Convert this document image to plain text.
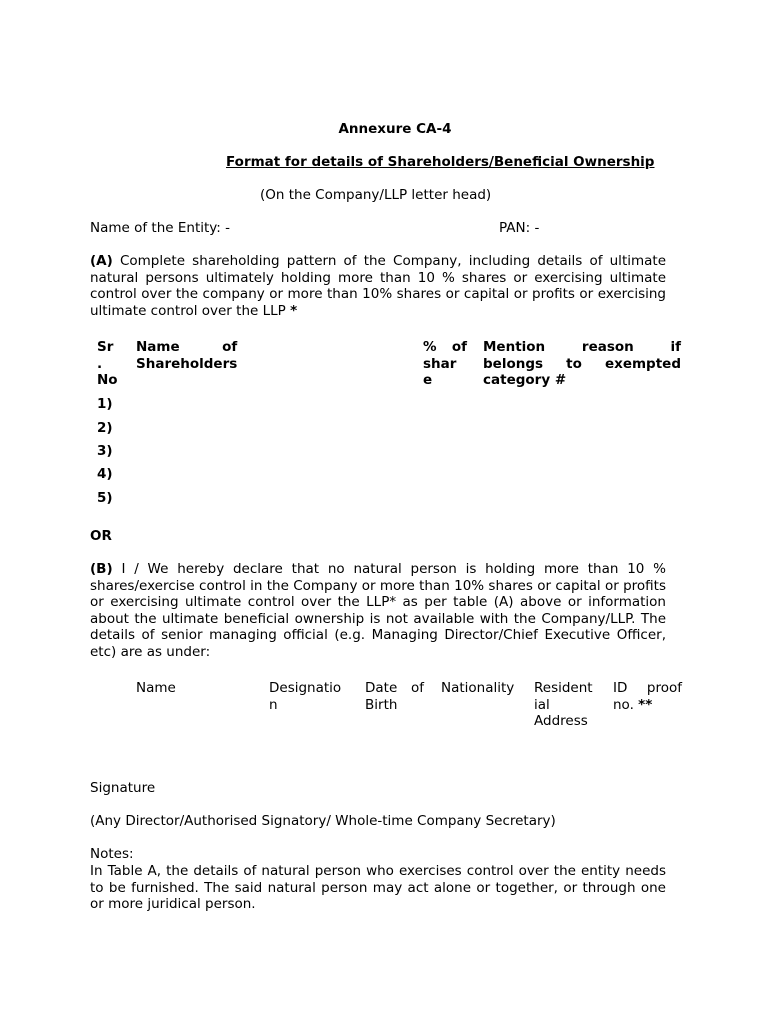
Annexure CA-4
Format for details of Shareholders/Beneficial Ownership
(On the Company/LLP letter head)
Name of the Entity: -	PAN: -
(A) Complete shareholding pattern of the Company, including details of ultimate natural persons ultimately holding more than 10 % shares or exercising ultimate control over the company or more than 10% shares or capital or profits or exercising ultimate control over the LLP *
Sr
.
No
Name of Shareholders
% of
shar
e
Mention reason if
belongs to exempted
category #
1)
2)
3)
4)
5)
OR
(B) I / We hereby declare that no natural person is holding more than 10 % shares/exercise control in the Company or more than 10% shares or capital or profits or exercising ultimate control over the LLP* as per table (A) above or information about the ultimate beneficial ownership is not available with the Company/LLP. The details of senior managing official (e.g. Managing Director/Chief Executive Officer, etc) are as under:
Name	Designatio
n
Date of
Birth
Nationality Resident
ial
Address
ID proof
no. **
Signature
(Any Director/Authorised Signatory/ Whole-time Company Secretary)
Notes:
In Table A, the details of natural person who exercises control over the entity needs to be furnished. The said natural person may act alone or together, or through one or more juridical person.
